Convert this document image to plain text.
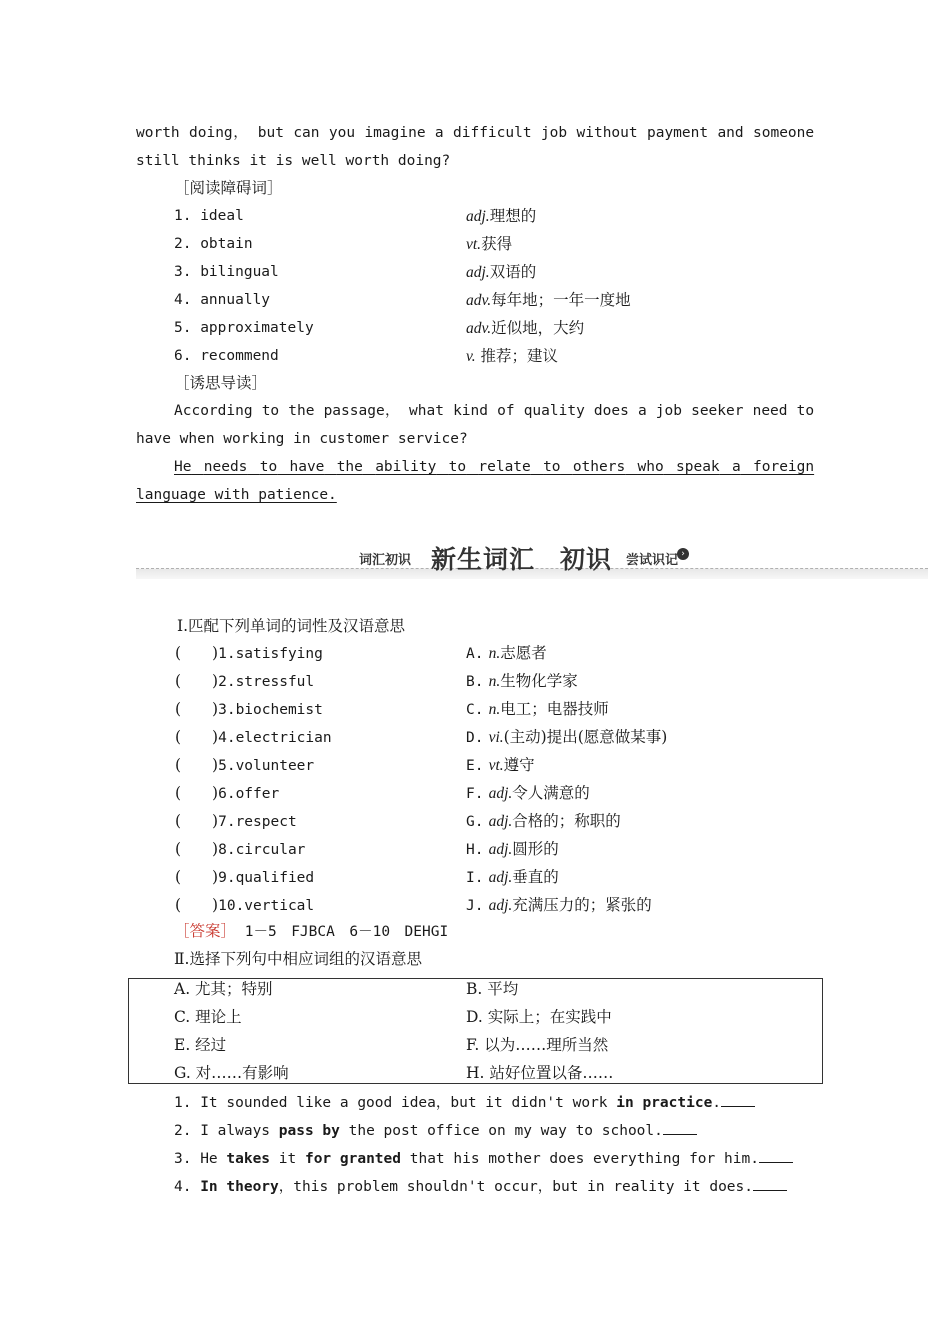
worth doing， but can you imagine a difficult job without payment and someone
still thinks it is well worth doing?
［阅读障碍词］
1. ideal	adj.理想的
2. obtain	vt.获得
3. bilingual	adj.双语的
4. annually	adv.每年地；一年一度地
5. approximately	adv.近似地，大约
6. recommend	v. 推荐；建议
［诱思导读］
According to the passage， what kind of quality does a job seeker need to
have when working in customer service?
He needs to have the ability to relate to others who speak a foreign
language with patience.
词汇初识 新生词汇	›
初识 尝试识记
Ⅰ.匹配下列单词的词性及汉语意思
(　　)1.satisfying	A. n.志愿者
(　　)2.stressful	B. n.生物化学家
(　　)3.biochemist	C. n.电工；电器技师
(　　)4.electrician	D. vi.(主动)提出(愿意做某事)
(　　)5.volunteer	E. vt.遵守
(　　)6.offer	F. adj.令人满意的
(　　)7.respect	G. adj.合格的；称职的
(　　)8.circular	H. adj.圆形的
(　　)9.qualified	I. adj.垂直的
(　　)10.vertical	J. adj.充满压力的；紧张的
［答案］ 1－5　FJBCA　6－10　DEHGI
Ⅱ.选择下列句中相应词组的汉语意思
A. 尤其；特别	B. 平均
C. 理论上	D. 实际上；在实践中
E. 经过	F. 以为……理所当然
G. 对……有影响	H. 站好位置以备……
1. It sounded like a good idea，but it didn't work in practice.
2. I always pass by the post office on my way to school.
3. He takes it for granted that his mother does everything for him.
4. In theory，this problem shouldn't occur，but in reality it does.
